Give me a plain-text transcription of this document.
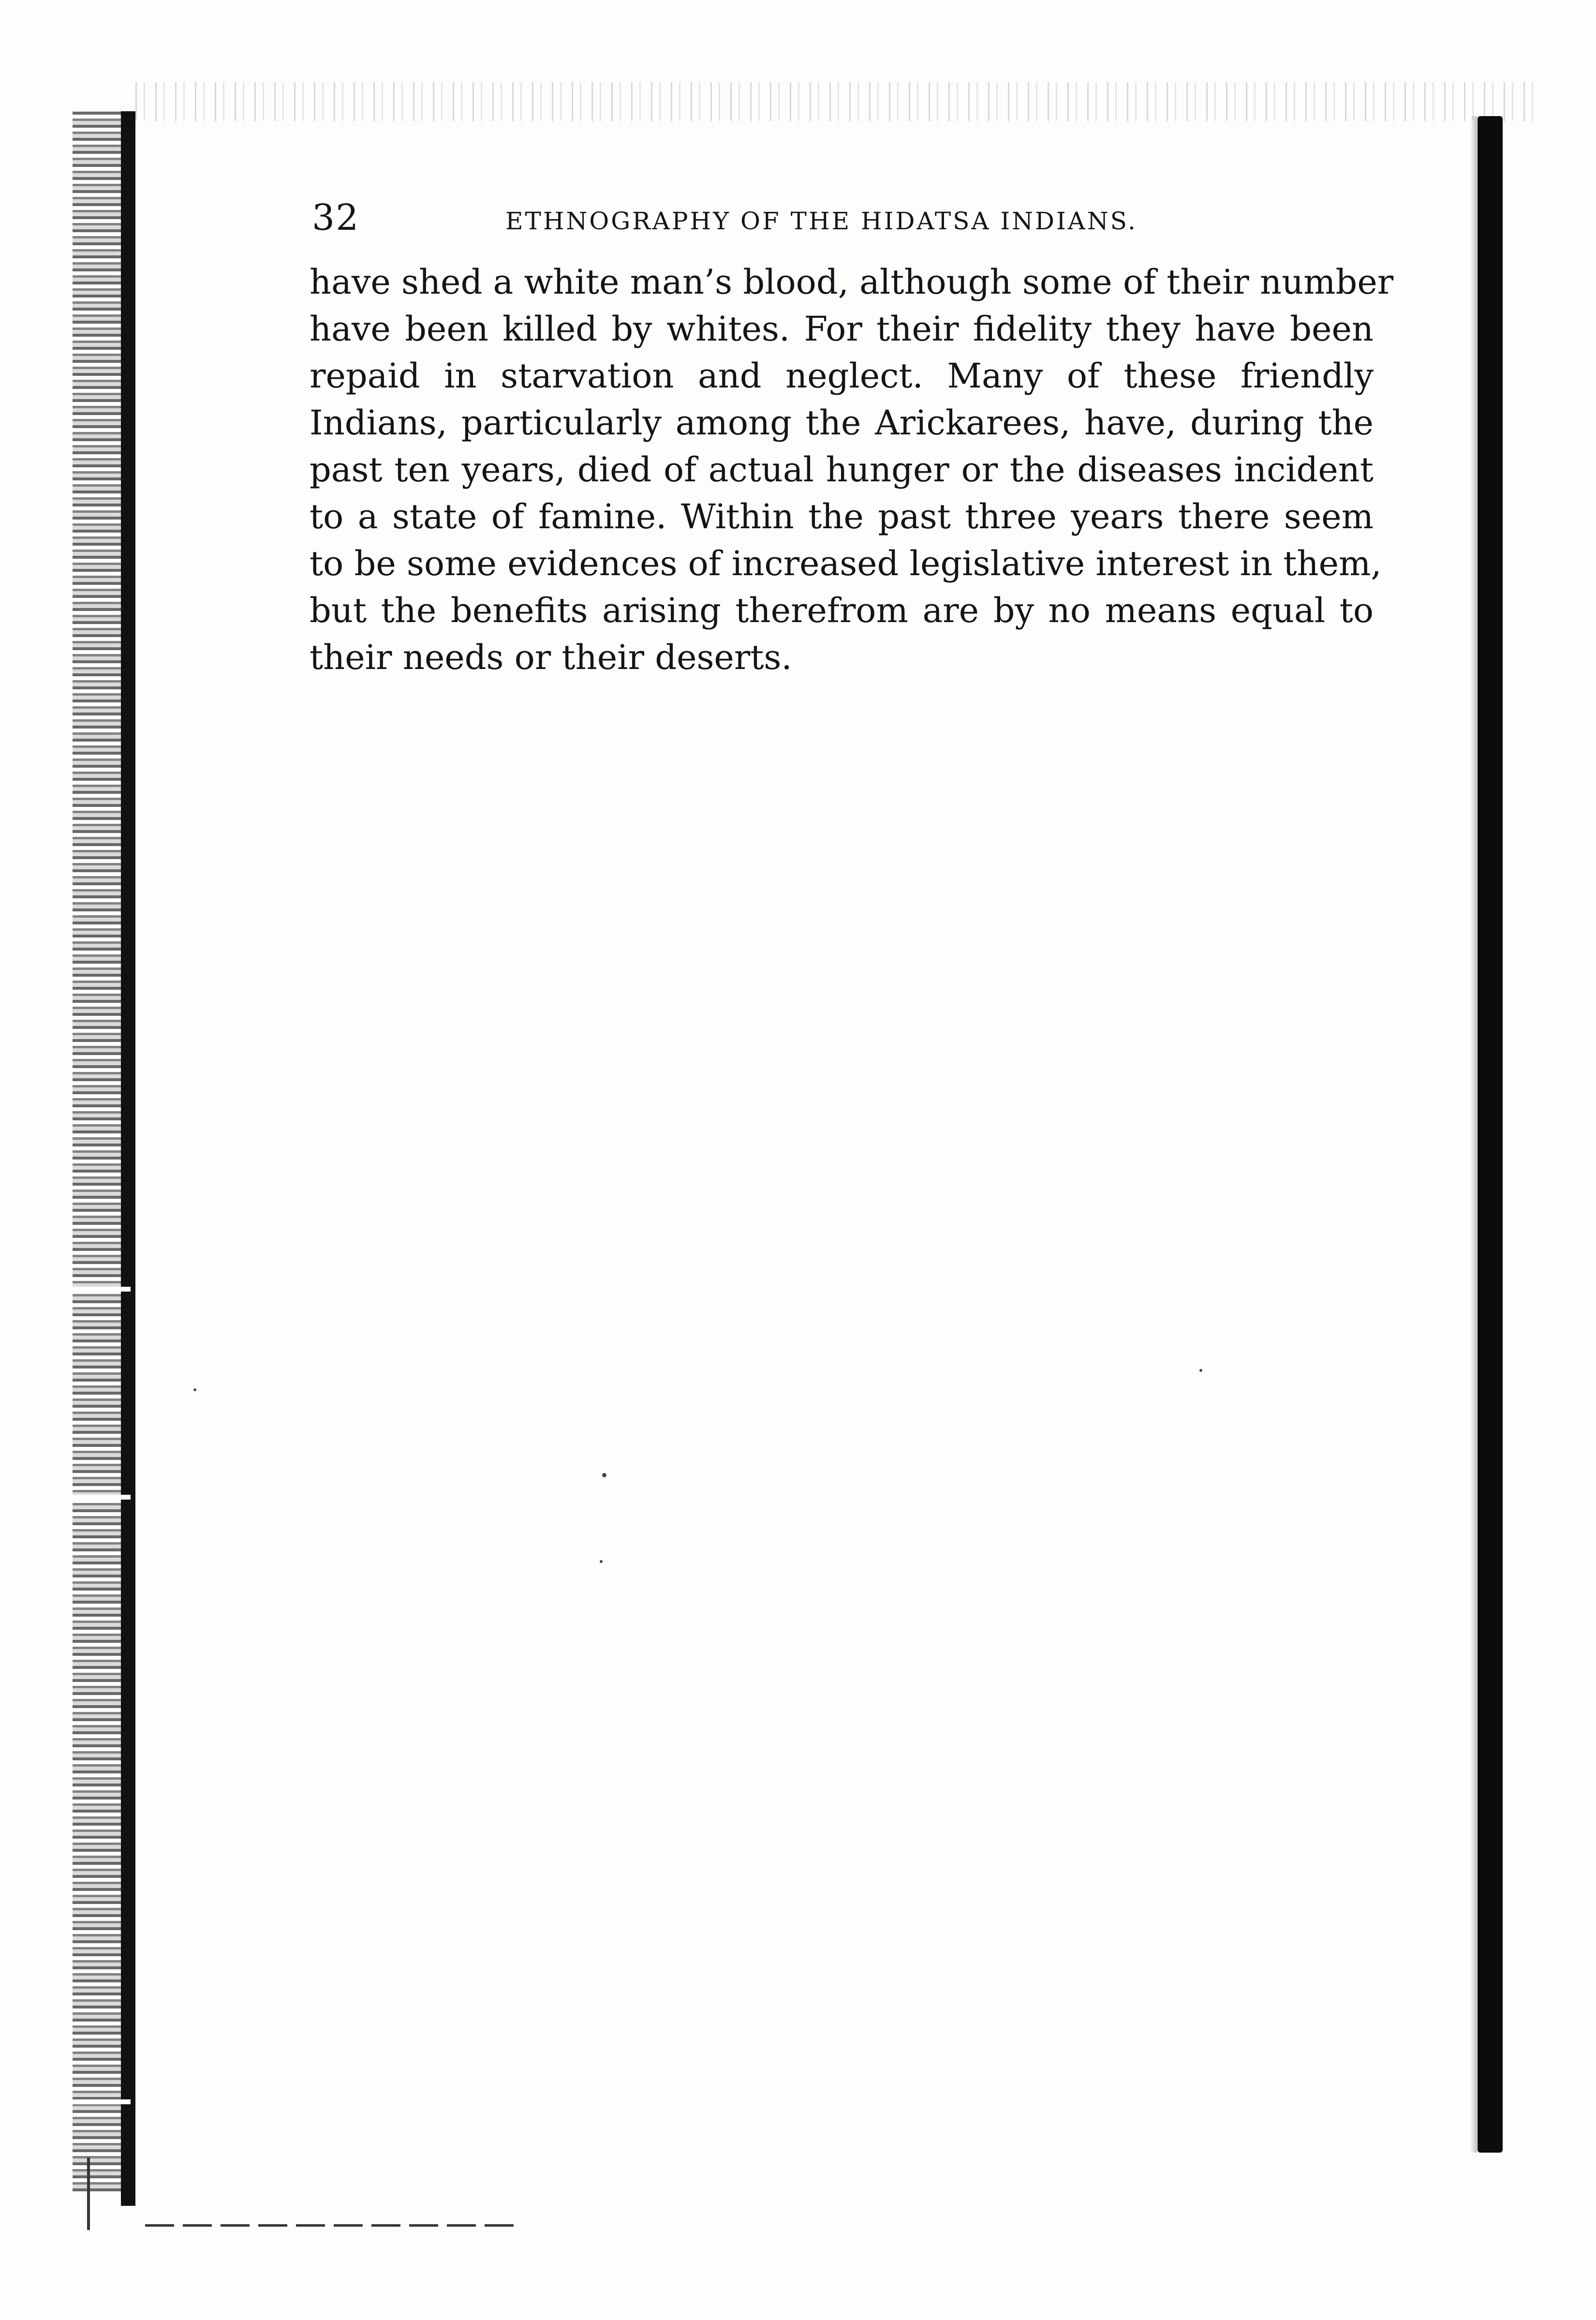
32	ETHNOGRAPHY OF THE HIDATSA INDIANS.
have shed a white man’s blood, although some of their number
have been killed by whites. For their fidelity they have been
repaid in starvation and neglect. Many of these friendly
Indians, particularly among the Arickarees, have, during the
past ten years, died of actual hunger or the diseases incident
to a state of famine. Within the past three years there seem
to be some evidences of increased legislative interest in them,
but the benefits arising therefrom are by no means equal to
their needs or their deserts.
